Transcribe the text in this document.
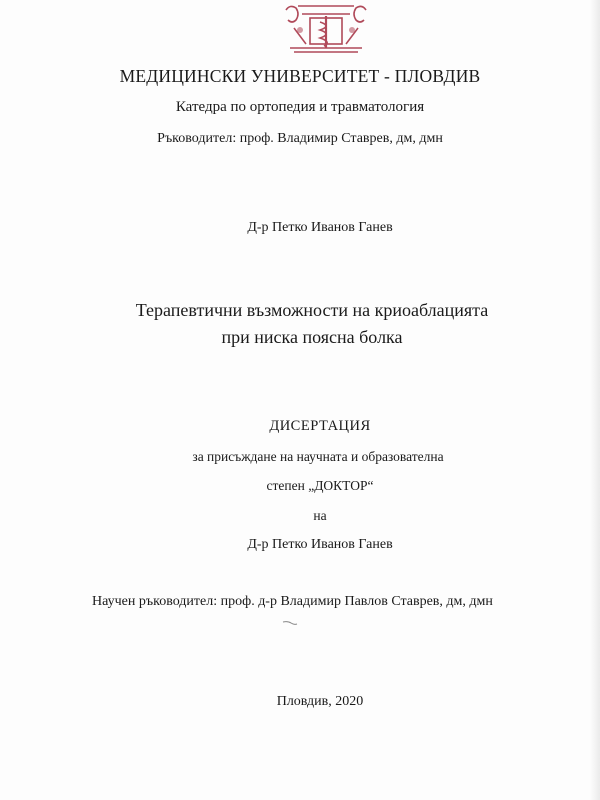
МЕДИЦИНСКИ УНИВЕРСИТЕТ - ПЛОВДИВ
Катедра по ортопедия и травматология
Ръководител: проф. Владимир Ставрев, дм, дмн
Д-р Петко Иванов Ганев
Терапевтични възможности на криоаблацията
при ниска поясна болка
ДИСЕРТАЦИЯ
за присъждане на научната и образователна
степен „ДОКТОР“
на
Д-р Петко Иванов Ганев
Научен ръководител: проф. д-р Владимир Павлов Ставрев, дм, дмн
Пловдив, 2020
